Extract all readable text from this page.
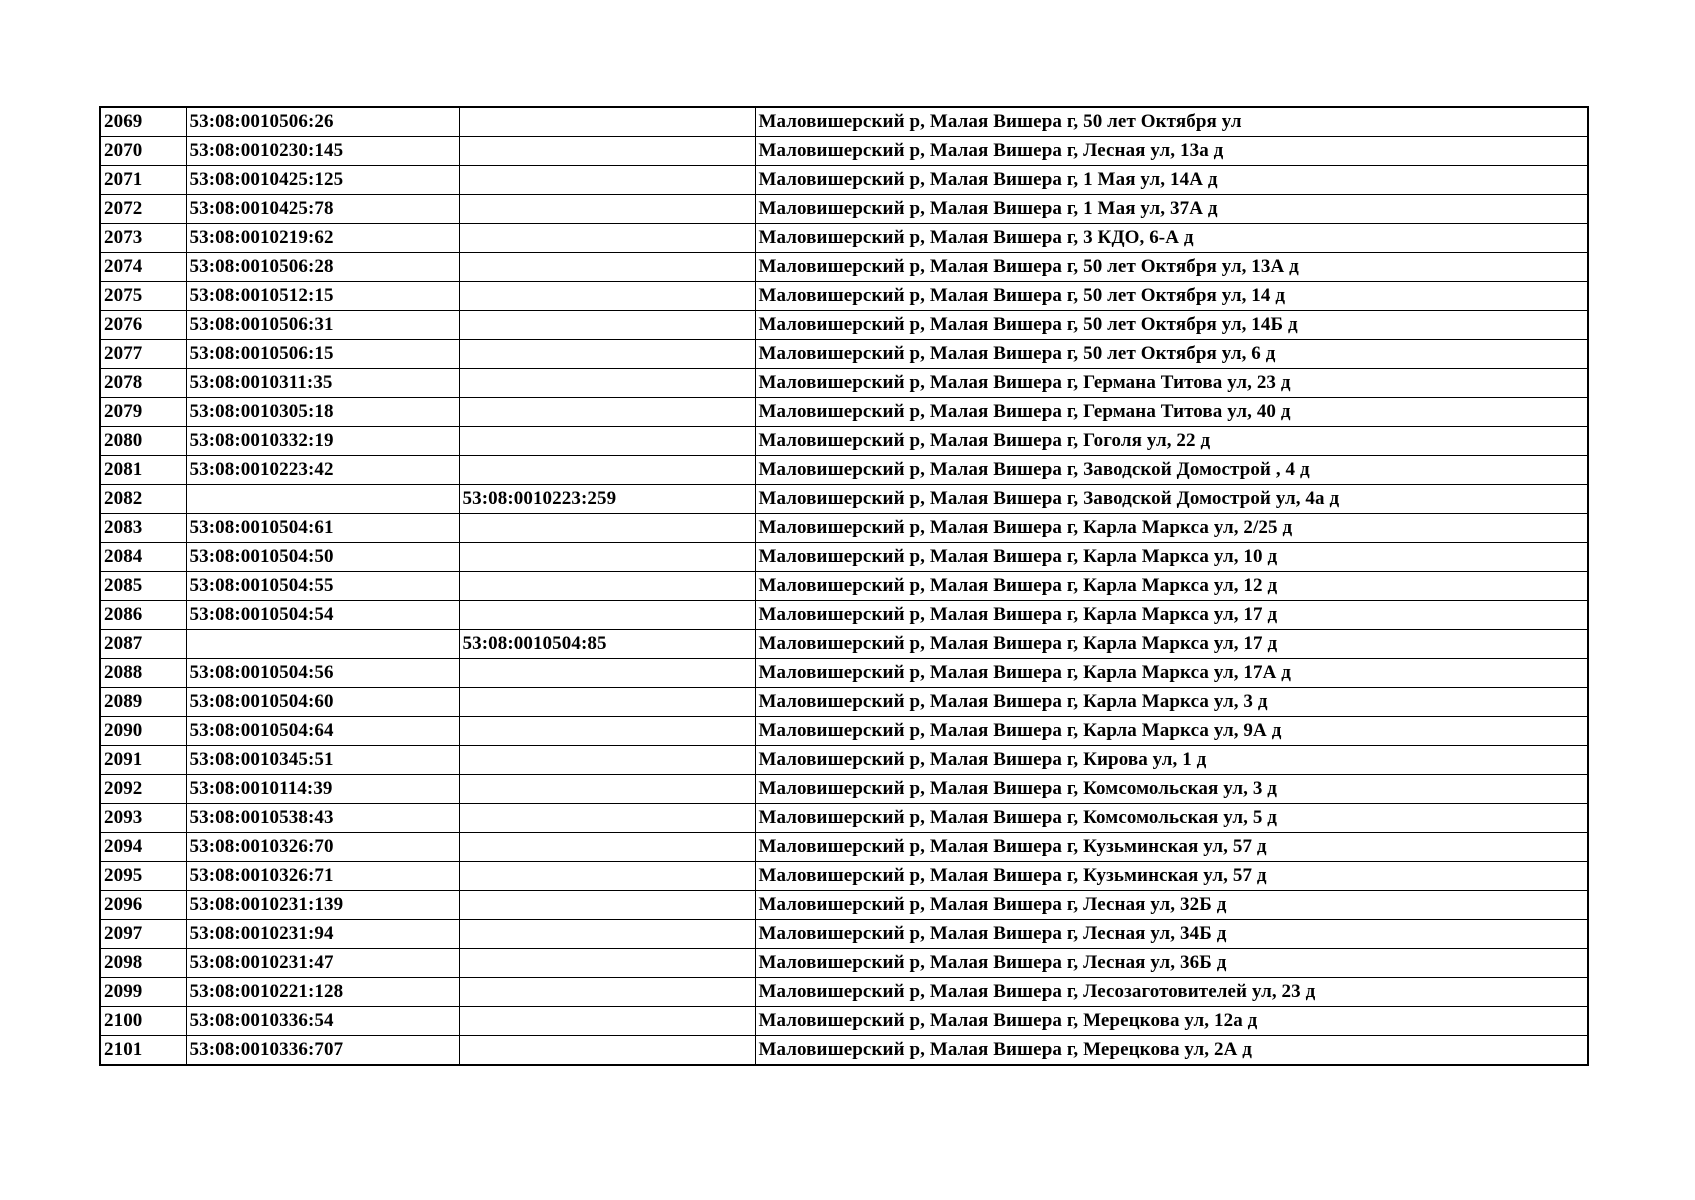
2069	53:08:0010506:26		Маловишерский р, Малая Вишера г, 50 лет Октября ул
2070	53:08:0010230:145		Маловишерский р, Малая Вишера г, Лесная ул, 13а д
2071	53:08:0010425:125		Маловишерский р, Малая Вишера г, 1 Мая ул, 14А д
2072	53:08:0010425:78		Маловишерский р, Малая Вишера г, 1 Мая ул, 37А д
2073	53:08:0010219:62		Маловишерский р, Малая Вишера г, 3 КДО, 6-А д
2074	53:08:0010506:28		Маловишерский р, Малая Вишера г, 50 лет Октября ул, 13А д
2075	53:08:0010512:15		Маловишерский р, Малая Вишера г, 50 лет Октября ул, 14 д
2076	53:08:0010506:31		Маловишерский р, Малая Вишера г, 50 лет Октября ул, 14Б д
2077	53:08:0010506:15		Маловишерский р, Малая Вишера г, 50 лет Октября ул, 6 д
2078	53:08:0010311:35		Маловишерский р, Малая Вишера г, Германа Титова ул, 23 д
2079	53:08:0010305:18		Маловишерский р, Малая Вишера г, Германа Титова ул, 40 д
2080	53:08:0010332:19		Маловишерский р, Малая Вишера г, Гоголя ул, 22 д
2081	53:08:0010223:42		Маловишерский р, Малая Вишера г, Заводской Домострой , 4 д
2082		53:08:0010223:259	Маловишерский р, Малая Вишера г, Заводской Домострой ул, 4а д
2083	53:08:0010504:61		Маловишерский р, Малая Вишера г, Карла Маркса ул, 2/25 д
2084	53:08:0010504:50		Маловишерский р, Малая Вишера г, Карла Маркса ул, 10 д
2085	53:08:0010504:55		Маловишерский р, Малая Вишера г, Карла Маркса ул, 12 д
2086	53:08:0010504:54		Маловишерский р, Малая Вишера г, Карла Маркса ул, 17 д
2087		53:08:0010504:85	Маловишерский р, Малая Вишера г, Карла Маркса ул, 17 д
2088	53:08:0010504:56		Маловишерский р, Малая Вишера г, Карла Маркса ул, 17А д
2089	53:08:0010504:60		Маловишерский р, Малая Вишера г, Карла Маркса ул, 3 д
2090	53:08:0010504:64		Маловишерский р, Малая Вишера г, Карла Маркса ул, 9А д
2091	53:08:0010345:51		Маловишерский р, Малая Вишера г, Кирова ул, 1 д
2092	53:08:0010114:39		Маловишерский р, Малая Вишера г, Комсомольская ул, 3 д
2093	53:08:0010538:43		Маловишерский р, Малая Вишера г, Комсомольская ул, 5 д
2094	53:08:0010326:70		Маловишерский р, Малая Вишера г, Кузьминская ул, 57 д
2095	53:08:0010326:71		Маловишерский р, Малая Вишера г, Кузьминская ул, 57 д
2096	53:08:0010231:139		Маловишерский р, Малая Вишера г, Лесная ул, 32Б д
2097	53:08:0010231:94		Маловишерский р, Малая Вишера г, Лесная ул, 34Б д
2098	53:08:0010231:47		Маловишерский р, Малая Вишера г, Лесная ул, 36Б д
2099	53:08:0010221:128		Маловишерский р, Малая Вишера г, Лесозаготовителей ул, 23 д
2100	53:08:0010336:54		Маловишерский р, Малая Вишера г, Мерецкова ул, 12а д
2101	53:08:0010336:707		Маловишерский р, Малая Вишера г, Мерецкова ул, 2А д
